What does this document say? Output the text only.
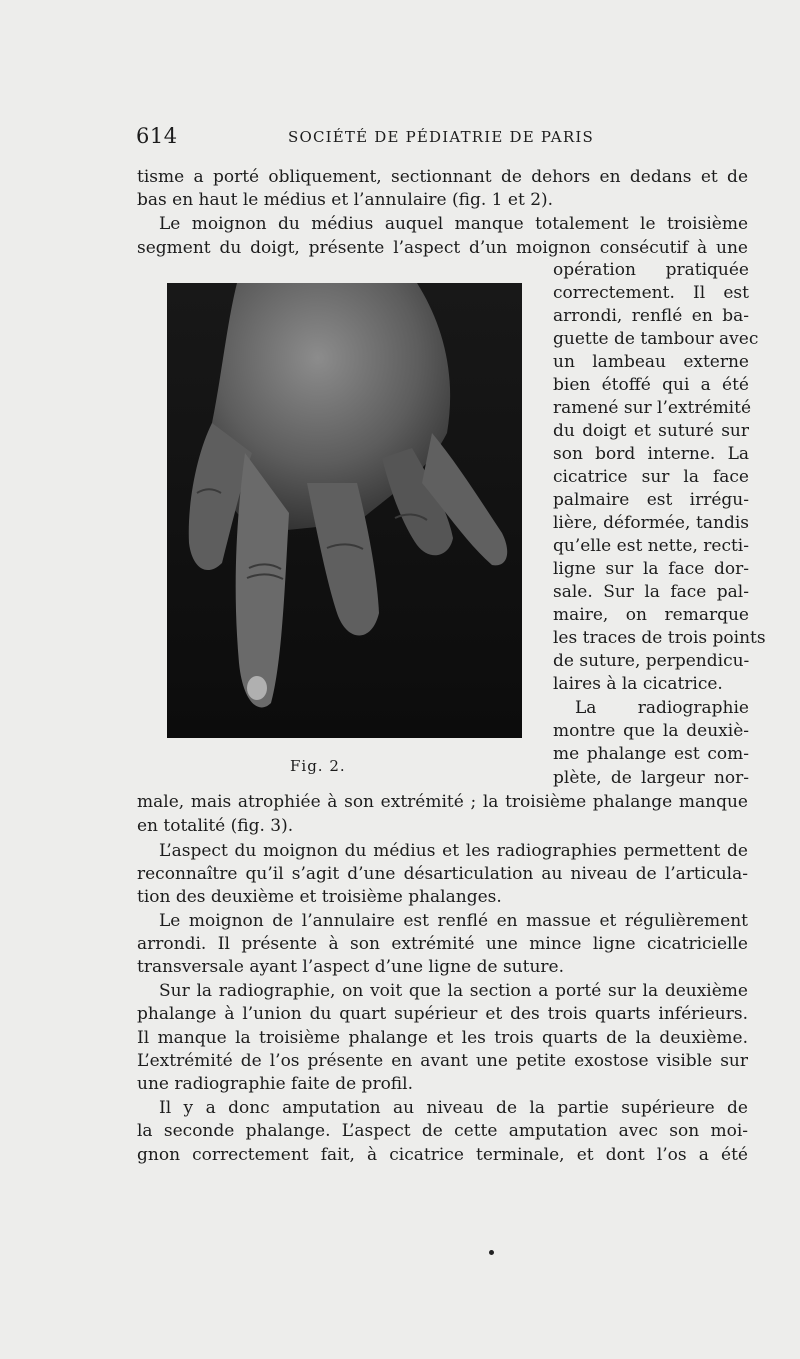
614	SOCIÉTÉ DE PÉDIATRIE DE PARIS
tisme a porté obliquement, sectionnant de dehors en dedans et de
bas en haut le médius et l’annulaire (fig. 1 et 2).
Le moignon du médius auquel manque totalement le troisième
segment du doigt, présente l’aspect d’un moignon consécutif à une
opération pratiquée
correctement. Il est
arrondi, renflé en ba-
guette de tambour avec
un lambeau externe
bien étoffé qui a été
ramené sur l’extrémité
du doigt et suturé sur
son bord interne. La
cicatrice sur la face
palmaire est irrégu-
lière, déformée, tandis
qu’elle est nette, recti-
ligne sur la face dor-
sale. Sur la face pal-
maire, on remarque
les traces de trois points
de suture, perpendicu-
laires à la cicatrice.
La radiographie
montre que la deuxiè-
me phalange est com-
plète, de largeur nor-
Fig. 2.
male, mais atrophiée à son extrémité ; la troisième phalange manque
en totalité (fig. 3).
L’aspect du moignon du médius et les radiographies permettent de
reconnaître qu’il s’agit d’une désarticulation au niveau de l’articula-
tion des deuxième et troisième phalanges.
Le moignon de l’annulaire est renflé en massue et régulièrement
arrondi. Il présente à son extrémité une mince ligne cicatricielle
transversale ayant l’aspect d’une ligne de suture.
Sur la radiographie, on voit que la section a porté sur la deuxième
phalange à l’union du quart supérieur et des trois quarts inférieurs.
Il manque la troisième phalange et les trois quarts de la deuxième.
L’extrémité de l’os présente en avant une petite exostose visible sur
une radiographie faite de profil.
Il y a donc amputation au niveau de la partie supérieure de
la seconde phalange. L’aspect de cette amputation avec son moi-
gnon correctement fait, à cicatrice terminale, et dont l’os a été
